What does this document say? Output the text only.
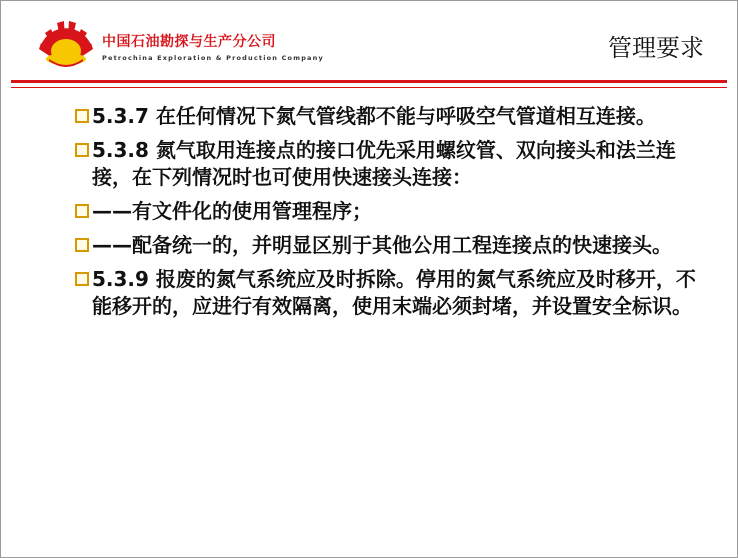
中国石油勘探与生产分公司
Petrochina Exploration & Production Company	管理要求
5.3.7 在任何情况下氮气管线都不能与呼吸空气管道相互连接。
5.3.8 氮气取用连接点的接口优先采用螺纹管、双向接头和法兰连接，在下列情况时也可使用快速接头连接：
——有文件化的使用管理程序；
——配备统一的，并明显区别于其他公用工程连接点的快速接头。
5.3.9 报废的氮气系统应及时拆除。停用的氮气系统应及时移开，不能移开的，应进行有效隔离，使用末端必须封堵，并设置安全标识。
